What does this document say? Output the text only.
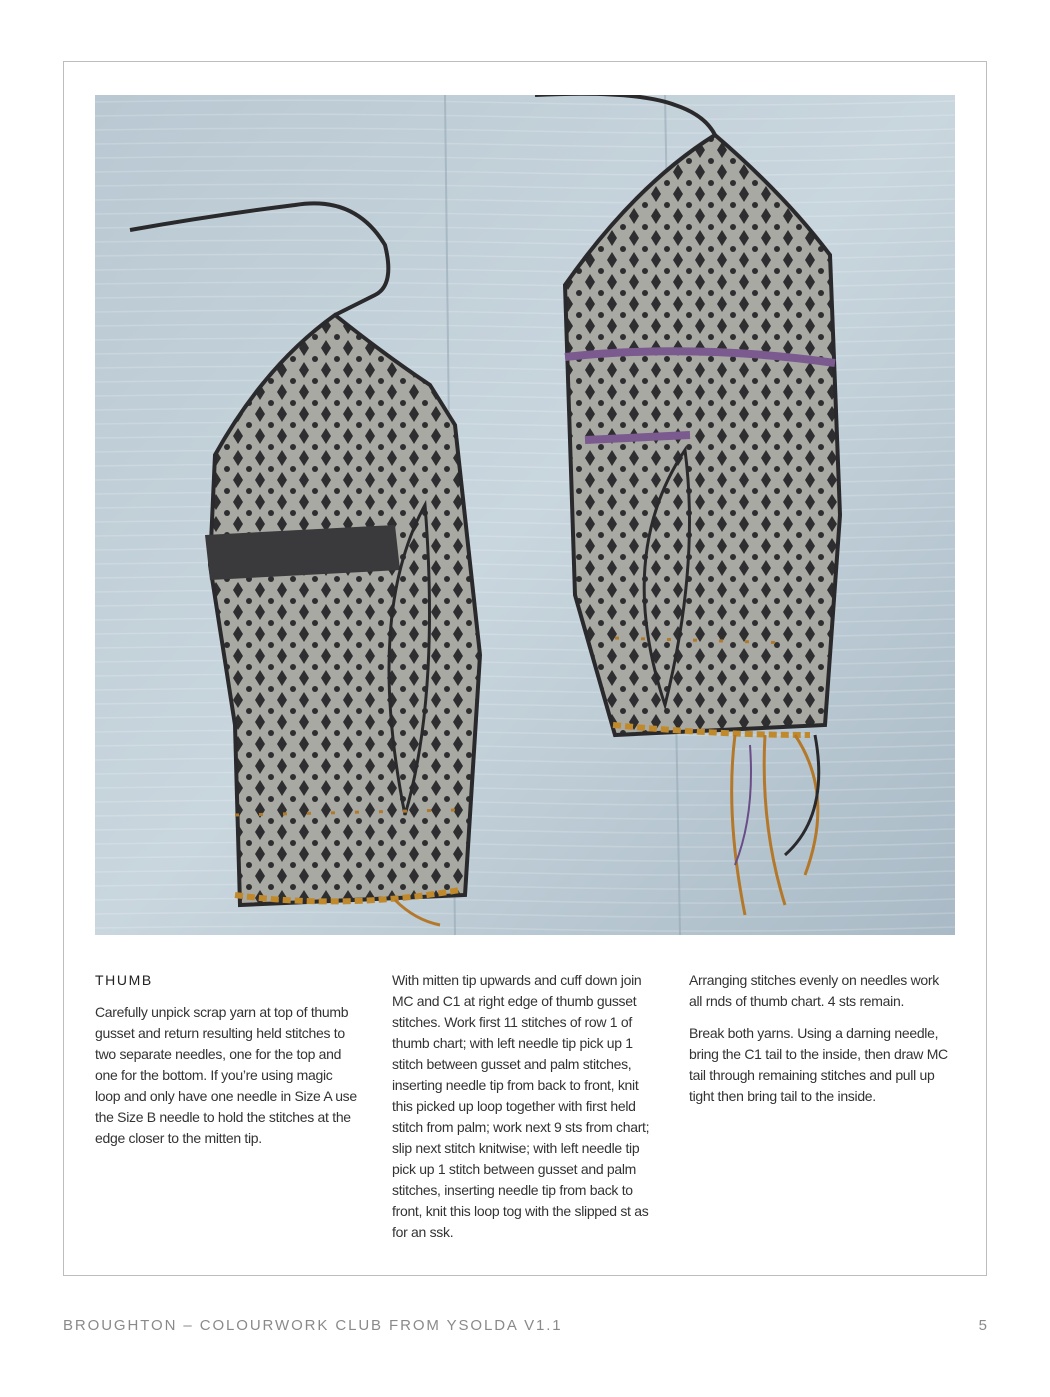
THUMB

Carefully unpick scrap yarn at top of thumb gusset and return resulting held stitches to two separate needles, one for the top and one for the bottom. If you’re using magic loop and only have one needle in Size A use the Size B needle to hold the stitches at the edge closer to the mitten tip.

With mitten tip upwards and cuff down join MC and C1 at right edge of thumb gusset stitches. Work first 11 stitches of row 1 of thumb chart; with left needle tip pick up 1 stitch between gusset and palm stitches, inserting needle tip from back to front, knit this picked up loop together with first held stitch from palm; work next 9 sts from chart; slip next stitch knitwise; with left needle tip pick up 1 stitch between gusset and palm stitches, inserting needle tip from back to front, knit this loop tog with the slipped st as for an ssk.

Arranging stitches evenly on needles work all rnds of thumb chart. 4 sts remain.

Break both yarns. Using a darning needle, bring the C1 tail to the inside, then draw MC tail through remaining stitches and pull up tight then bring tail to the inside.

BROUGHTON – COLOURWORK CLUB FROM YSOLDA V1.1	5
